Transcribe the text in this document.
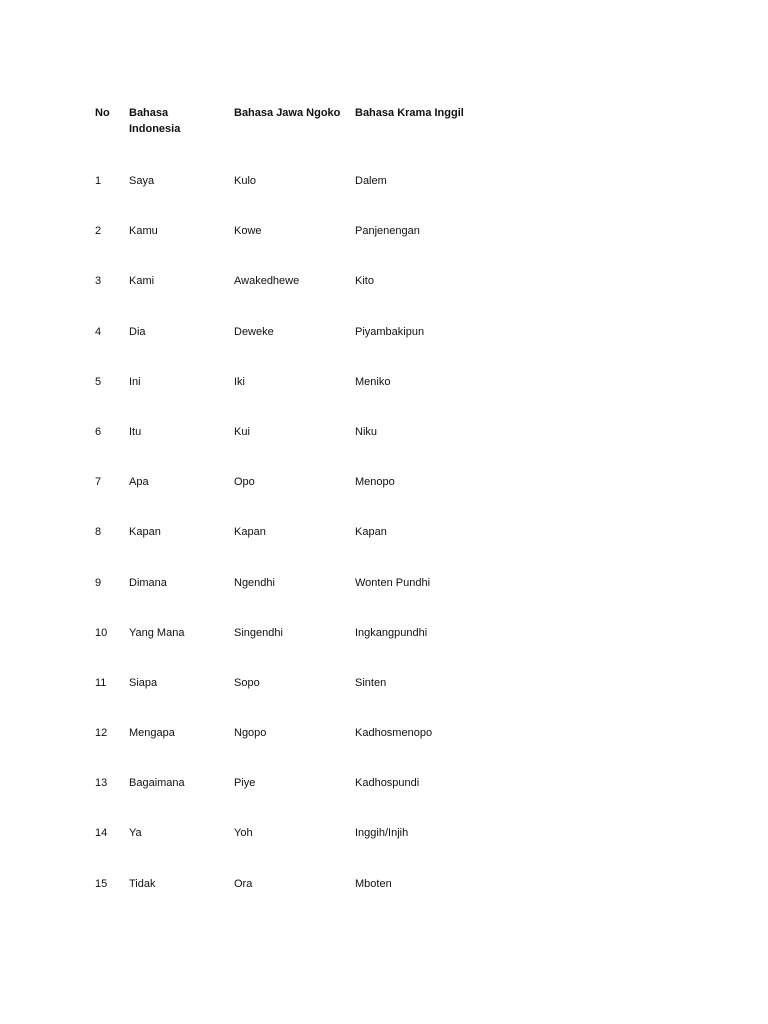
No	Bahasa Indonesia	Bahasa Jawa Ngoko	Bahasa Krama Inggil
1	Saya	Kulo	Dalem
2	Kamu	Kowe	Panjenengan
3	Kami	Awakedhewe	Kito
4	Dia	Deweke	Piyambakipun
5	Ini	Iki	Meniko
6	Itu	Kui	Niku
7	Apa	Opo	Menopo
8	Kapan	Kapan	Kapan
9	Dimana	Ngendhi	Wonten Pundhi
10	Yang Mana	Singendhi	Ingkangpundhi
11	Siapa	Sopo	Sinten
12	Mengapa	Ngopo	Kadhosmenopo
13	Bagaimana	Piye	Kadhospundi
14	Ya	Yoh	Inggih/Injih
15	Tidak	Ora	Mboten
